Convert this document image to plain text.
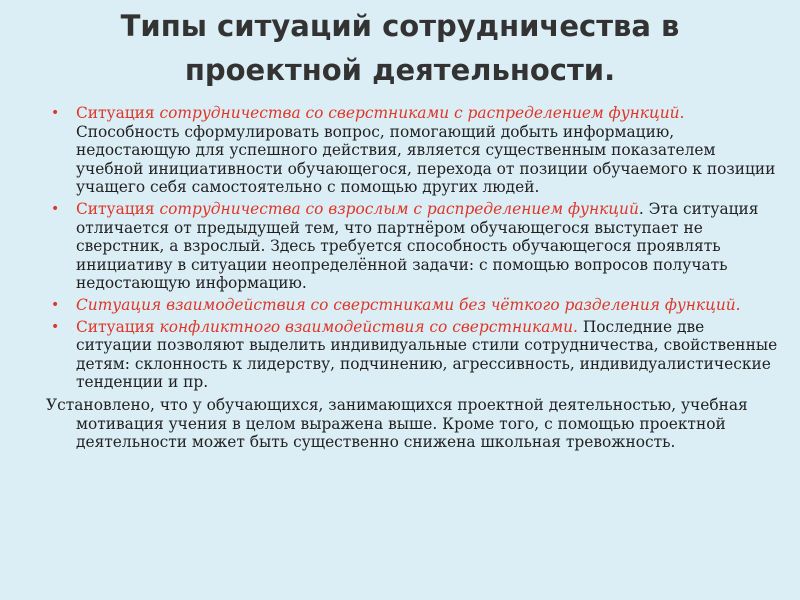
Типы ситуаций сотрудничества в
проектной деятельности.
• Ситуация сотрудничества со сверстниками с распределением функций. Способность сформулировать вопрос, помогающий добыть информацию, недостающую для успешного действия, является существенным показателем учебной инициативности обучающегося, перехода от позиции обучаемого к позиции учащего себя самостоятельно с помощью других людей.
• Ситуация сотрудничества со взрослым с распределением функций. Эта ситуация отличается от предыдущей тем, что партнёром обучающегося выступает не сверстник, а взрослый. Здесь требуется способность обучающегося проявлять инициативу в ситуации неопределённой задачи: с помощью вопросов получать недостающую информацию.
• Ситуация взаимодействия со сверстниками без чёткого разделения функций.
• Ситуация конфликтного взаимодействия со сверстниками. Последние две ситуации позволяют выделить индивидуальные стили сотрудничества, свойственные детям: склонность к лидерству, подчинению, агрессивность, индивидуалистические тенденции и пр.
Установлено, что у обучающихся, занимающихся проектной деятельностью, учебная мотивация учения в целом выражена выше. Кроме того, с помощью проектной деятельности может быть существенно снижена школьная тревожность.
